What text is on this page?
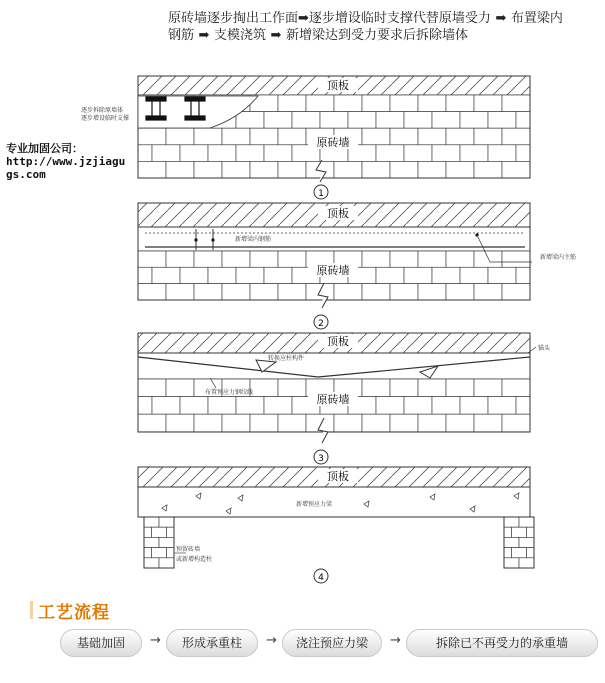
原砖墙逐步掏出工作面➡逐步增设临时支撑代替原墙受力 ➡ 布置梁内
钢筋 ➡ 支模浇筑 ➡ 新增梁达到受力要求后拆除墙体
专业加固公司：
http://www.jzjiagu
gs.com
逐步拆除原墙体
逐步增设临时支撑
顶板
原砖墙
1
新增梁内钢筋
新增梁内主筋
顶板
原砖墙
2
锚头
转换应柱构件
布置预应力钢绞线
顶板
原砖墙
3
新增预应力梁
预留砖墙
或新增构造柱
顶板
4
工艺流程
基础加固	→	形成承重柱	→	浇注预应力梁	→	拆除已不再受力的承重墙
